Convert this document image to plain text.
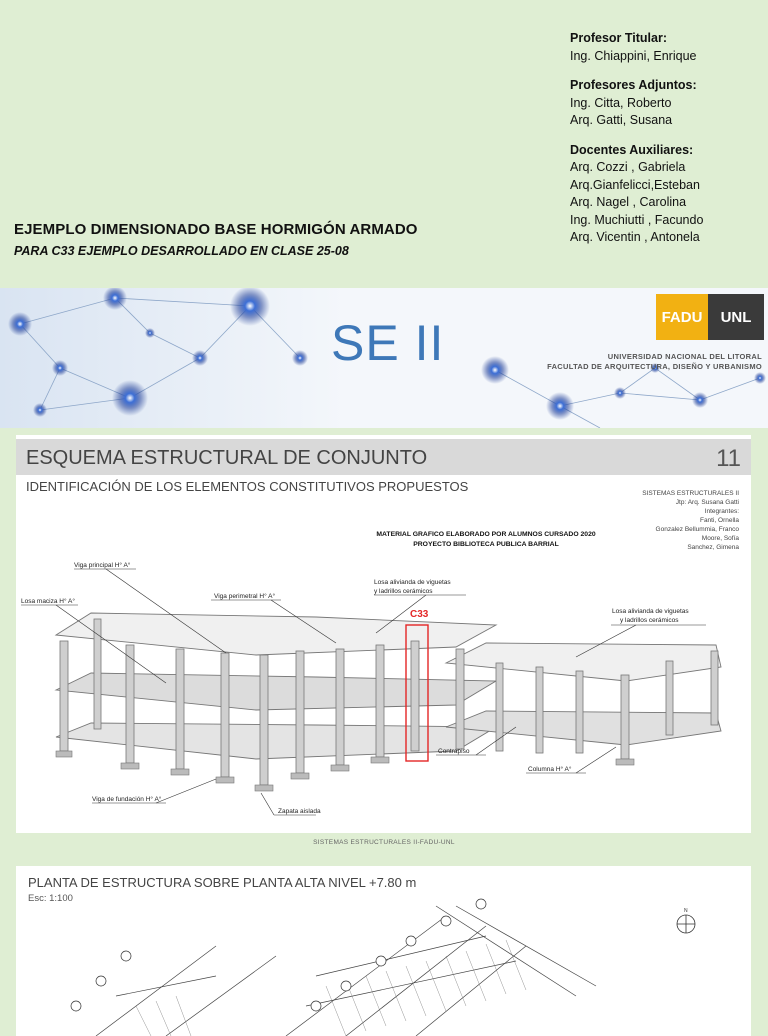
Profesor Titular:
Ing. Chiappini, Enrique
Profesores Adjuntos:
Ing. Citta, Roberto
Arq. Gatti, Susana
Docentes Auxiliares:
Arq. Cozzi , Gabriela
Arq.Gianfelicci,Esteban
Arq. Nagel , Carolina
Ing. Muchiutti , Facundo
Arq. Vicentin , Antonela
EJEMPLO DIMENSIONADO BASE HORMIGÓN ARMADO
PARA C33 EJEMPLO DESARROLLADO EN CLASE 25-08
SE II	FADU	UNL
UNIVERSIDAD NACIONAL DEL LITORAL
FACULTAD DE ARQUITECTURA, DISEÑO Y URBANISMO
ESQUEMA ESTRUCTURAL DE CONJUNTO	11
IDENTIFICACIÓN DE LOS ELEMENTOS CONSTITUTIVOS PROPUESTOS	SISTEMAS ESTRUCTURALES II
Jtp: Arq. Susana Gatti
Integrantes:
Fanti, Ornella
Gonzalez Bellummia, Franco
Moore, Sofía
Sanchez, Gimena
MATERIAL GRAFICO ELABORADO POR ALUMNOS CURSADO 2020
PROYECTO BIBLIOTECA PUBLICA BARRIAL
Viga principal H° A°
Losa maciza H° A°
Viga perimetral H° A°
Losa alivianda de viguetas
y ladrillos cerámicos
Losa alivianda de viguetas
y ladrillos cerámicos
Contrapiso
Columna H° A°
Viga de fundación H° A°
Zapata aislada
C33
SISTEMAS ESTRUCTURALES II-FADU-UNL
N
PLANTA DE ESTRUCTURA SOBRE PLANTA ALTA NIVEL +7.80 m
Esc: 1:100
